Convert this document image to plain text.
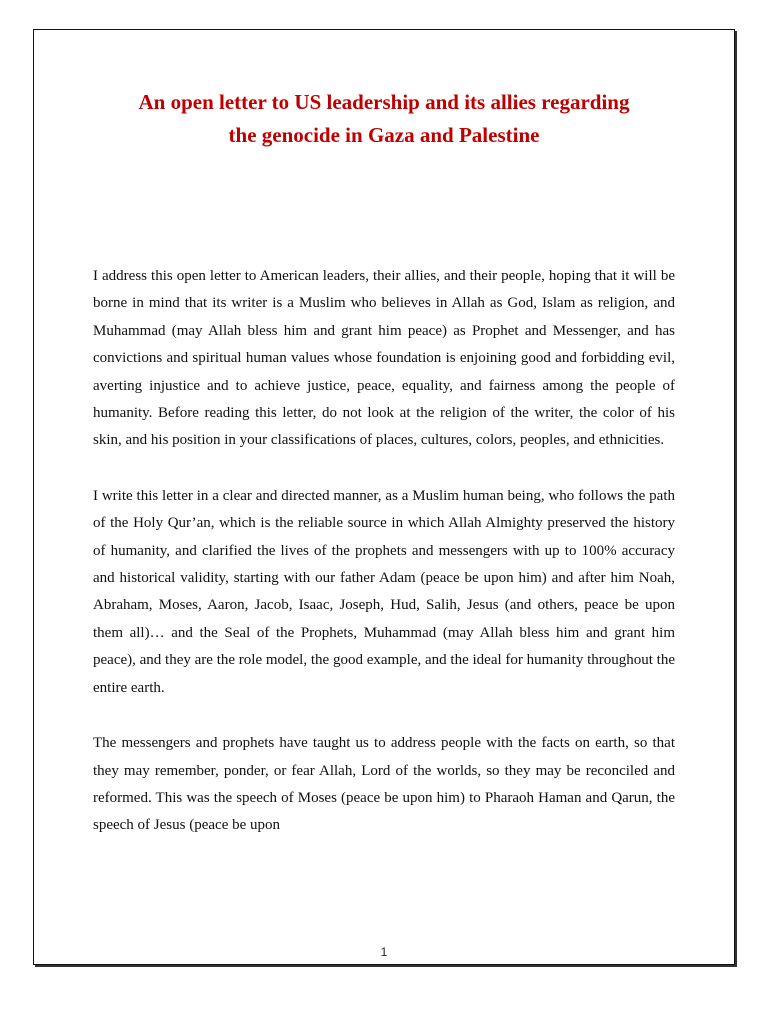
An open letter to US leadership and its allies regarding
the genocide in Gaza and Palestine

I address this open letter to American leaders, their allies, and their people, hoping that it will be borne in mind that its writer is a Muslim who believes in Allah as God, Islam as religion, and Muhammad (may Allah bless him and grant him peace) as Prophet and Messenger, and has convictions and spiritual human values whose foundation is enjoining good and forbidding evil, averting injustice and to achieve justice, peace, equality, and fairness among the people of humanity. Before reading this letter, do not look at the religion of the writer, the color of his skin, and his position in your classifications of places, cultures, colors, peoples, and ethnicities.

I write this letter in a clear and directed manner, as a Muslim human being, who follows the path of the Holy Qur’an, which is the reliable source in which Allah Almighty preserved the history of humanity, and clarified the lives of the prophets and messengers with up to 100% accuracy and historical validity, starting with our father Adam (peace be upon him) and after him Noah, Abraham, Moses, Aaron, Jacob, Isaac, Joseph, Hud, Salih, Jesus (and others, peace be upon them all)… and the Seal of the Prophets, Muhammad (may Allah bless him and grant him peace), and they are the role model, the good example, and the ideal for humanity throughout the entire earth.

The messengers and prophets have taught us to address people with the facts on earth, so that they may remember, ponder, or fear Allah, Lord of the worlds, so they may be reconciled and reformed. This was the speech of Moses (peace be upon him) to Pharaoh Haman and Qarun, the speech of Jesus (peace be upon

1
